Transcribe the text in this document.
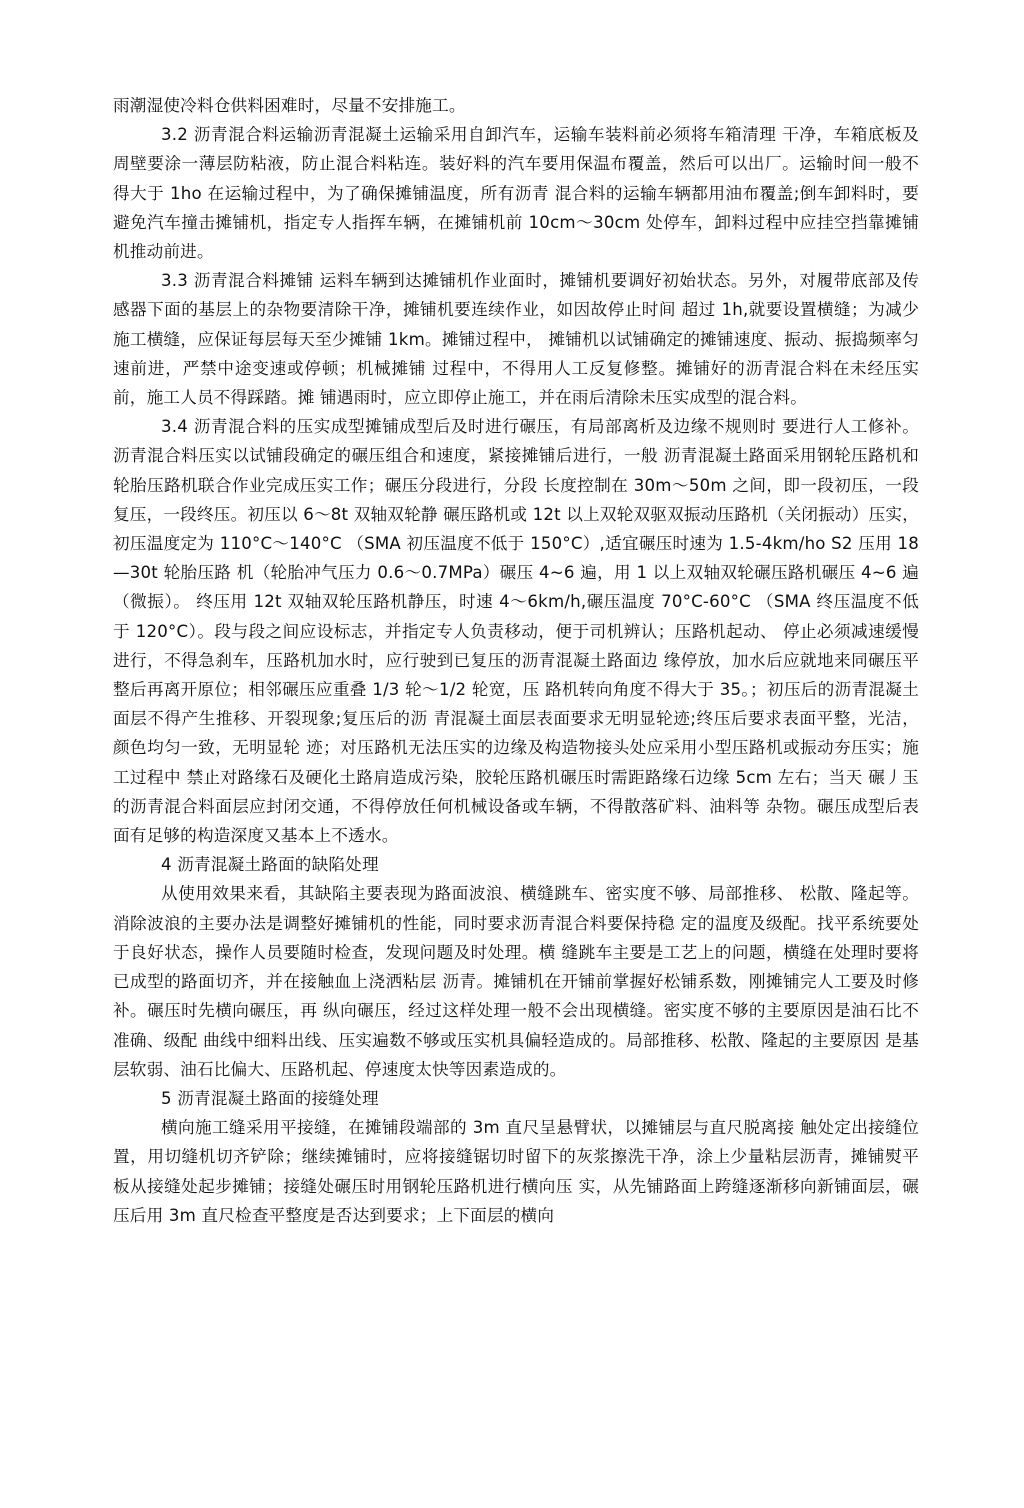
雨潮湿使冷料仓供料困难时，尽量不安排施工。

3.2 沥青混合料运输沥青混凝土运输采用自卸汽车，运输车装料前必须将车箱清理 干净，车箱底板及周壁要涂一薄层防粘液，防止混合料粘连。装好料的汽车要用保温布覆盖，然后可以出厂。运输时间一般不得大于 1ho 在运输过程中，为了确保摊铺温度，所有沥青 混合料的运输车辆都用油布覆盖;倒车卸料时，要避免汽车撞击摊铺机，指定专人指挥车辆，在摊铺机前 10cm～30cm 处停车，卸料过程中应挂空挡靠摊铺机推动前进。

3.3 沥青混合料摊铺 运料车辆到达摊铺机作业面时，摊铺机要调好初始状态。另外，对履带底部及传感器下面的基层上的杂物要清除干净，摊铺机要连续作业，如因故停止时间 超过 1h,就要设置横缝；为减少施工横缝，应保证每层每天至少摊铺 1km。摊铺过程中， 摊铺机以试铺确定的摊铺速度、振动、振捣频率匀速前进，严禁中途变速或停顿；机械摊铺 过程中，不得用人工反复修整。摊铺好的沥青混合料在未经压实前，施工人员不得踩踏。摊 铺遇雨时，应立即停止施工，并在雨后清除未压实成型的混合料。

3.4 沥青混合料的压实成型摊铺成型后及时进行碾压，有局部离析及边缘不规则时 要进行人工修补。沥青混合料压实以试铺段确定的碾压组合和速度，紧接摊铺后进行，一般 沥青混凝土路面采用钢轮压路机和轮胎压路机联合作业完成压实工作；碾压分段进行，分段 长度控制在 30m～50m 之间，即一段初压，一段复压，一段终压。初压以 6～8t 双轴双轮静 碾压路机或 12t 以上双轮双驱双振动压路机（关闭振动）压实，初压温度定为 110°C～140°C （SMA 初压温度不低于 150°C）,适宜碾压时速为 1.5-4km/ho S2 压用 18—30t 轮胎压路 机（轮胎冲气压力 0.6～0.7MPa）碾压 4~6 遍，用 1 以上双轴双轮碾压路机碾压 4~6 遍（微振）。 终压用 12t 双轴双轮压路机静压，时速 4～6km/h,碾压温度 70°C-60°C （SMA 终压温度不低于 120°C）。段与段之间应设标志，并指定专人负责移动，便于司机辨认；压路机起动、 停止必须减速缓慢进行，不得急刹车，压路机加水时，应行驶到已复压的沥青混凝土路面边 缘停放，加水后应就地来同碾压平整后再离开原位；相邻碾压应重叠 1/3 轮～1/2 轮宽，压 路机转向角度不得大于 35。；初压后的沥青混凝土面层不得产生推移、开裂现象;复压后的沥 青混凝土面层表面要求无明显轮迹;终压后要求表面平整，光洁，颜色均匀一致，无明显轮 迹；对压路机无法压实的边缘及构造物接头处应采用小型压路机或振动夯压实；施工过程中 禁止对路缘石及硬化土路肩造成污染，胶轮压路机碾压时需距路缘石边缘 5cm 左右；当天 碾丿玉的沥青混合料面层应封闭交通，不得停放任何机械设备或车辆，不得散落矿料、油料等 杂物。碾压成型后表面有足够的构造深度又基本上不透水。

4 沥青混凝土路面的缺陷处理

从使用效果来看，其缺陷主要表现为路面波浪、横缝跳车、密实度不够、局部推移、 松散、隆起等。消除波浪的主要办法是调整好摊铺机的性能，同时要求沥青混合料要保持稳 定的温度及级配。找平系统要处于良好状态，操作人员要随时检查，发现问题及时处理。横 缝跳车主要是工艺上的问题，横缝在处理时要将已成型的路面切齐，并在接触血上浇洒粘层 沥青。摊铺机在开铺前掌握好松铺系数，刚摊铺完人工要及时修补。碾压时先横向碾压，再 纵向碾压，经过这样处理一般不会出现横缝。密实度不够的主要原因是油石比不准确、级配 曲线中细料出线、压实遍数不够或压实机具偏轻造成的。局部推移、松散、隆起的主要原因 是基层软弱、油石比偏大、压路机起、停速度太快等因素造成的。

5 沥青混凝土路面的接缝处理

横向施工缝采用平接缝，在摊铺段端部的 3m 直尺呈悬臂状，以摊铺层与直尺脱离接 触处定出接缝位置，用切缝机切齐铲除；继续摊铺时，应将接缝锯切时留下的灰浆擦洗干净，涂上少量粘层沥青，摊铺熨平板从接缝处起步摊铺；接缝处碾压时用钢轮压路机进行横向压 实，从先铺路面上跨缝逐渐移向新铺面层，碾压后用 3m 直尺检查平整度是否达到要求；上下面层的横向
